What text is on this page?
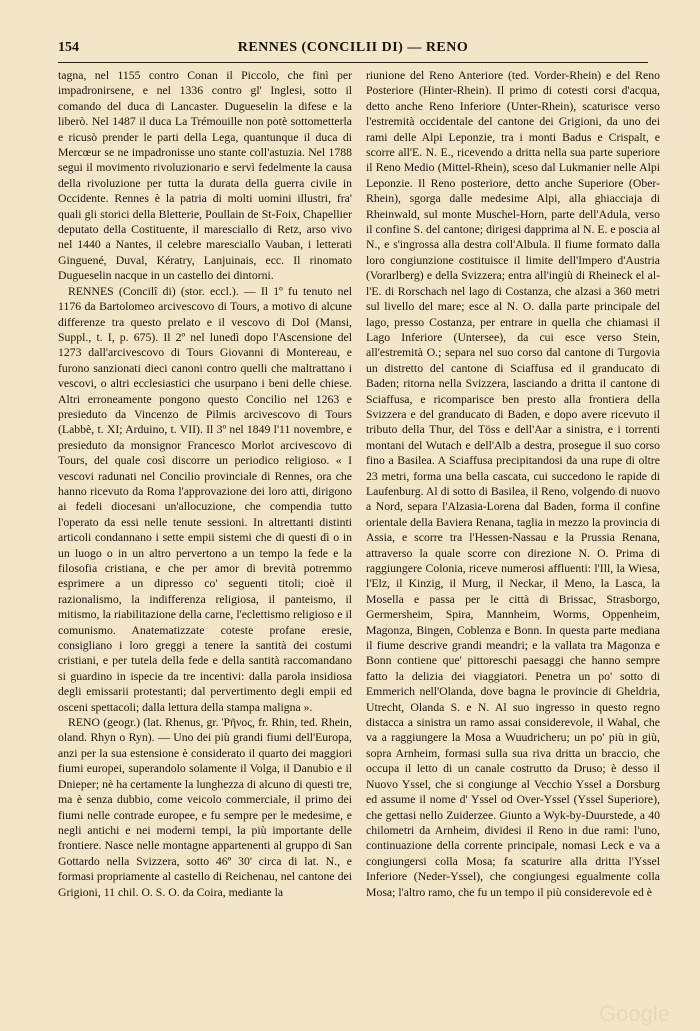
154	RENNES (CONCILII DI) — RENO

tagna, nel 1155 contro Conan il Piccolo, che finì per impadronirsene, e nel 1336 contro gl' Inglesi, sotto il comando del duca di Lancaster. Dugueselin la difese e la liberò. Nel 1487 il duca La Trémouille non potè sottometterla e ricusò prender le parti della Lega, quantunque il duca di Mercœur se ne impadronisse uno stante coll'astuzia. Nel 1788 segui il movimento rivoluzionario e servì fedelmente la causa della rivoluzione per tutta la durata della guerra civile in Occidente. Rennes è la patria di molti uomini illustri, fra' quali gli storici della Bletterie, Poullain de St-Foix, Chapellier deputato della Costituente, il maresciallo di Retz, arso vivo nel 1440 a Nantes, il celebre maresciallo Vauban, i letterati Ginguené, Duval, Kératry, Lanjuinais, ecc. Il rinomato Dugueselin nacque in un castello dei dintorni.

RENNES (Concilî di) (stor. eccl.). — Il 1º fu tenuto nel 1176 da Bartolomeo arcivescovo di Tours, a motivo di alcune differenze tra questo prelato e il vescovo di Dol (Mansi, Suppl., t. I, p. 675). Il 2º nel lunedì dopo l'Ascensione del 1273 dall'arcivescovo di Tours Giovanni di Montereau, e furono sanzionati dieci canoni contro quelli che maltrattano i vescovi, o altri ecclesiastici che usurpano i beni delle chiese. Altri erroneamente pongono questo Concilio nel 1263 e presieduto da Vincenzo de Pilmis arcivescovo di Tours (Labbè, t. XI; Arduino, t. VII). Il 3º nel 1849 l'11 novembre, e presieduto da monsignor Francesco Morlot arcivescovo di Tours, del quale così discorre un periodico religioso. « I vescovi radunati nel Concilio provinciale di Rennes, ora che hanno ricevuto da Roma l'approvazione dei loro atti, dirigono ai fedeli diocesani un'allocuzione, che compendia tutto l'operato da essi nelle tenute sessioni. In altrettanti distinti articoli condannano i sette empii sistemi che di questi dì o in un luogo o in un altro pervertono a un tempo la fede e la filosofia cristiana, e che per amor di brevità potremmo esprimere a un dipresso co' seguenti titoli; cioè il razionalismo, la indifferenza religiosa, il panteismo, il mitismo, la riabilitazione della carne, l'eclettismo religioso e il comunismo. Anatematizzate coteste profane eresie, consigliano i loro greggi a tenere la santità dei costumi cristiani, e per tutela della fede e della santità raccomandano si guardino in ispecie da tre incentivi: dalla parola insidiosa degli emissarii protestanti; dal pervertimento degli empii ed osceni spettacoli; dalla lettura della stampa maligna ».

RENO (geogr.) (lat. Rhenus, gr. Ῥῆνος, fr. Rhin, ted. Rhein, oland. Rhyn o Ryn). — Uno dei più grandi fiumi dell'Europa, anzi per la sua estensione è considerato il quarto dei maggiori fiumi europei, superandolo solamente il Volga, il Danubio e il Dnieper; nè ha certamente la lunghezza di alcuno di questi tre, ma è senza dubbio, come veicolo commerciale, il primo dei fiumi nelle contrade europee, e fu sempre per le medesime, e negli antichi e nei moderni tempi, la più importante delle frontiere. Nasce nelle montagne appartenenti al gruppo di San Gottardo nella Svizzera, sotto 46º 30' circa di lat. N., e formasi propriamente al castello di Reichenau, nel cantone dei Grigioni, 11 chil. O. S. O. da Coira, mediante la

riunione del Reno Anteriore (ted. Vorder-Rhein) e del Reno Posteriore (Hinter-Rhein). Il primo di cotesti corsi d'acqua, detto anche Reno Inferiore (Unter-Rhein), scaturisce verso l'estremità occidentale del cantone dei Grigioni, da uno dei rami delle Alpi Leponzie, tra i monti Badus e Crispalt, e scorre all'E. N. E., ricevendo a dritta nella sua parte superiore il Reno Medio (Mittel-Rhein), sceso dal Lukmanier nelle Alpi Leponzie. Il Reno posteriore, detto anche Superiore (Ober-Rhein), sgorga dalle medesime Alpi, alla ghiacciaja di Rheinwald, sul monte Muschel-Horn, parte dell'Adula, verso il confine S. del cantone; dirigesi dapprima al N. E. e poscia al N., e s'ingrossa alla destra coll'Albula. Il fiume formato dalla loro congiunzione costituisce il limite dell'Impero d'Austria (Vorarlberg) e della Svizzera; entra all'ingiù di Rheineck el al-l'E. di Rorschach nel lago di Costanza, che alzasi a 360 metri sul livello del mare; esce al N. O. dalla parte principale del lago, presso Costanza, per entrare in quella che chiamasi il Lago Inferiore (Untersee), da cui esce verso Stein, all'estremità O.; separa nel suo corso dal cantone di Turgovia un distretto del cantone di Sciaffusa ed il granducato di Baden; ritorna nella Svizzera, lasciando a dritta il cantone di Sciaffusa, e ricomparisce ben presto alla frontiera della Svizzera e del granducato di Baden, e dopo avere ricevuto il tributo della Thur, del Töss e dell'Aar a sinistra, e i torrenti montani del Wutach e dell'Alb a destra, prosegue il suo corso fino a Basilea. A Sciaffusa precipitandosi da una rupe di oltre 23 metri, forma una bella cascata, cui succedono le rapide di Laufenburg. Al di sotto di Basilea, il Reno, volgendo di nuovo a Nord, separa l'Alzasia-Lorena dal Baden, forma il confine orientale della Baviera Renana, taglia in mezzo la provincia di Assia, e scorre tra l'Hessen-Nassau e la Prussia Renana, attraverso la quale scorre con direzione N. O. Prima di raggiungere Colonia, riceve numerosi affluenti: l'Ill, la Wiesa, l'Elz, il Kinzig, il Murg, il Neckar, il Meno, la Lasca, la Mosella e passa per le città di Brissac, Strasborgo, Germersheim, Spira, Mannheim, Worms, Oppenheim, Magonza, Bingen, Coblenza e Bonn. In questa parte mediana il fiume descrive grandi meandri; e la vallata tra Magonza e Bonn contiene que' pittoreschi paesaggi che hanno sempre fatto la delizia dei viaggiatori. Penetra un po' sotto di Emmerich nell'Olanda, dove bagna le provincie di Gheldria, Utrecht, Olanda S. e N. Al suo ingresso in questo regno distacca a sinistra un ramo assai considerevole, il Wahal, che va a raggiungere la Mosa a Wuudricheru; un po' più in giù, sopra Arnheim, formasi sulla sua riva dritta un braccio, che occupa il letto di un canale costrutto da Druso; è desso il Nuovo Yssel, che si congiunge al Vecchio Yssel a Dorsburg ed assume il nome d' Yssel od Over-Yssel (Yssel Superiore), che gettasi nello Zuiderzee. Giunto a Wyk-by-Duurstede, a 40 chilometri da Arnheim, dividesi il Reno in due rami: l'uno, continuazione della corrente principale, nomasi Leck e va a congiungersi colla Mosa; fa scaturire alla dritta l'Yssel Inferiore (Neder-Yssel), che congiungesi egualmente colla Mosa; l'altro ramo, che fu un tempo il più considerevole ed è

Google
